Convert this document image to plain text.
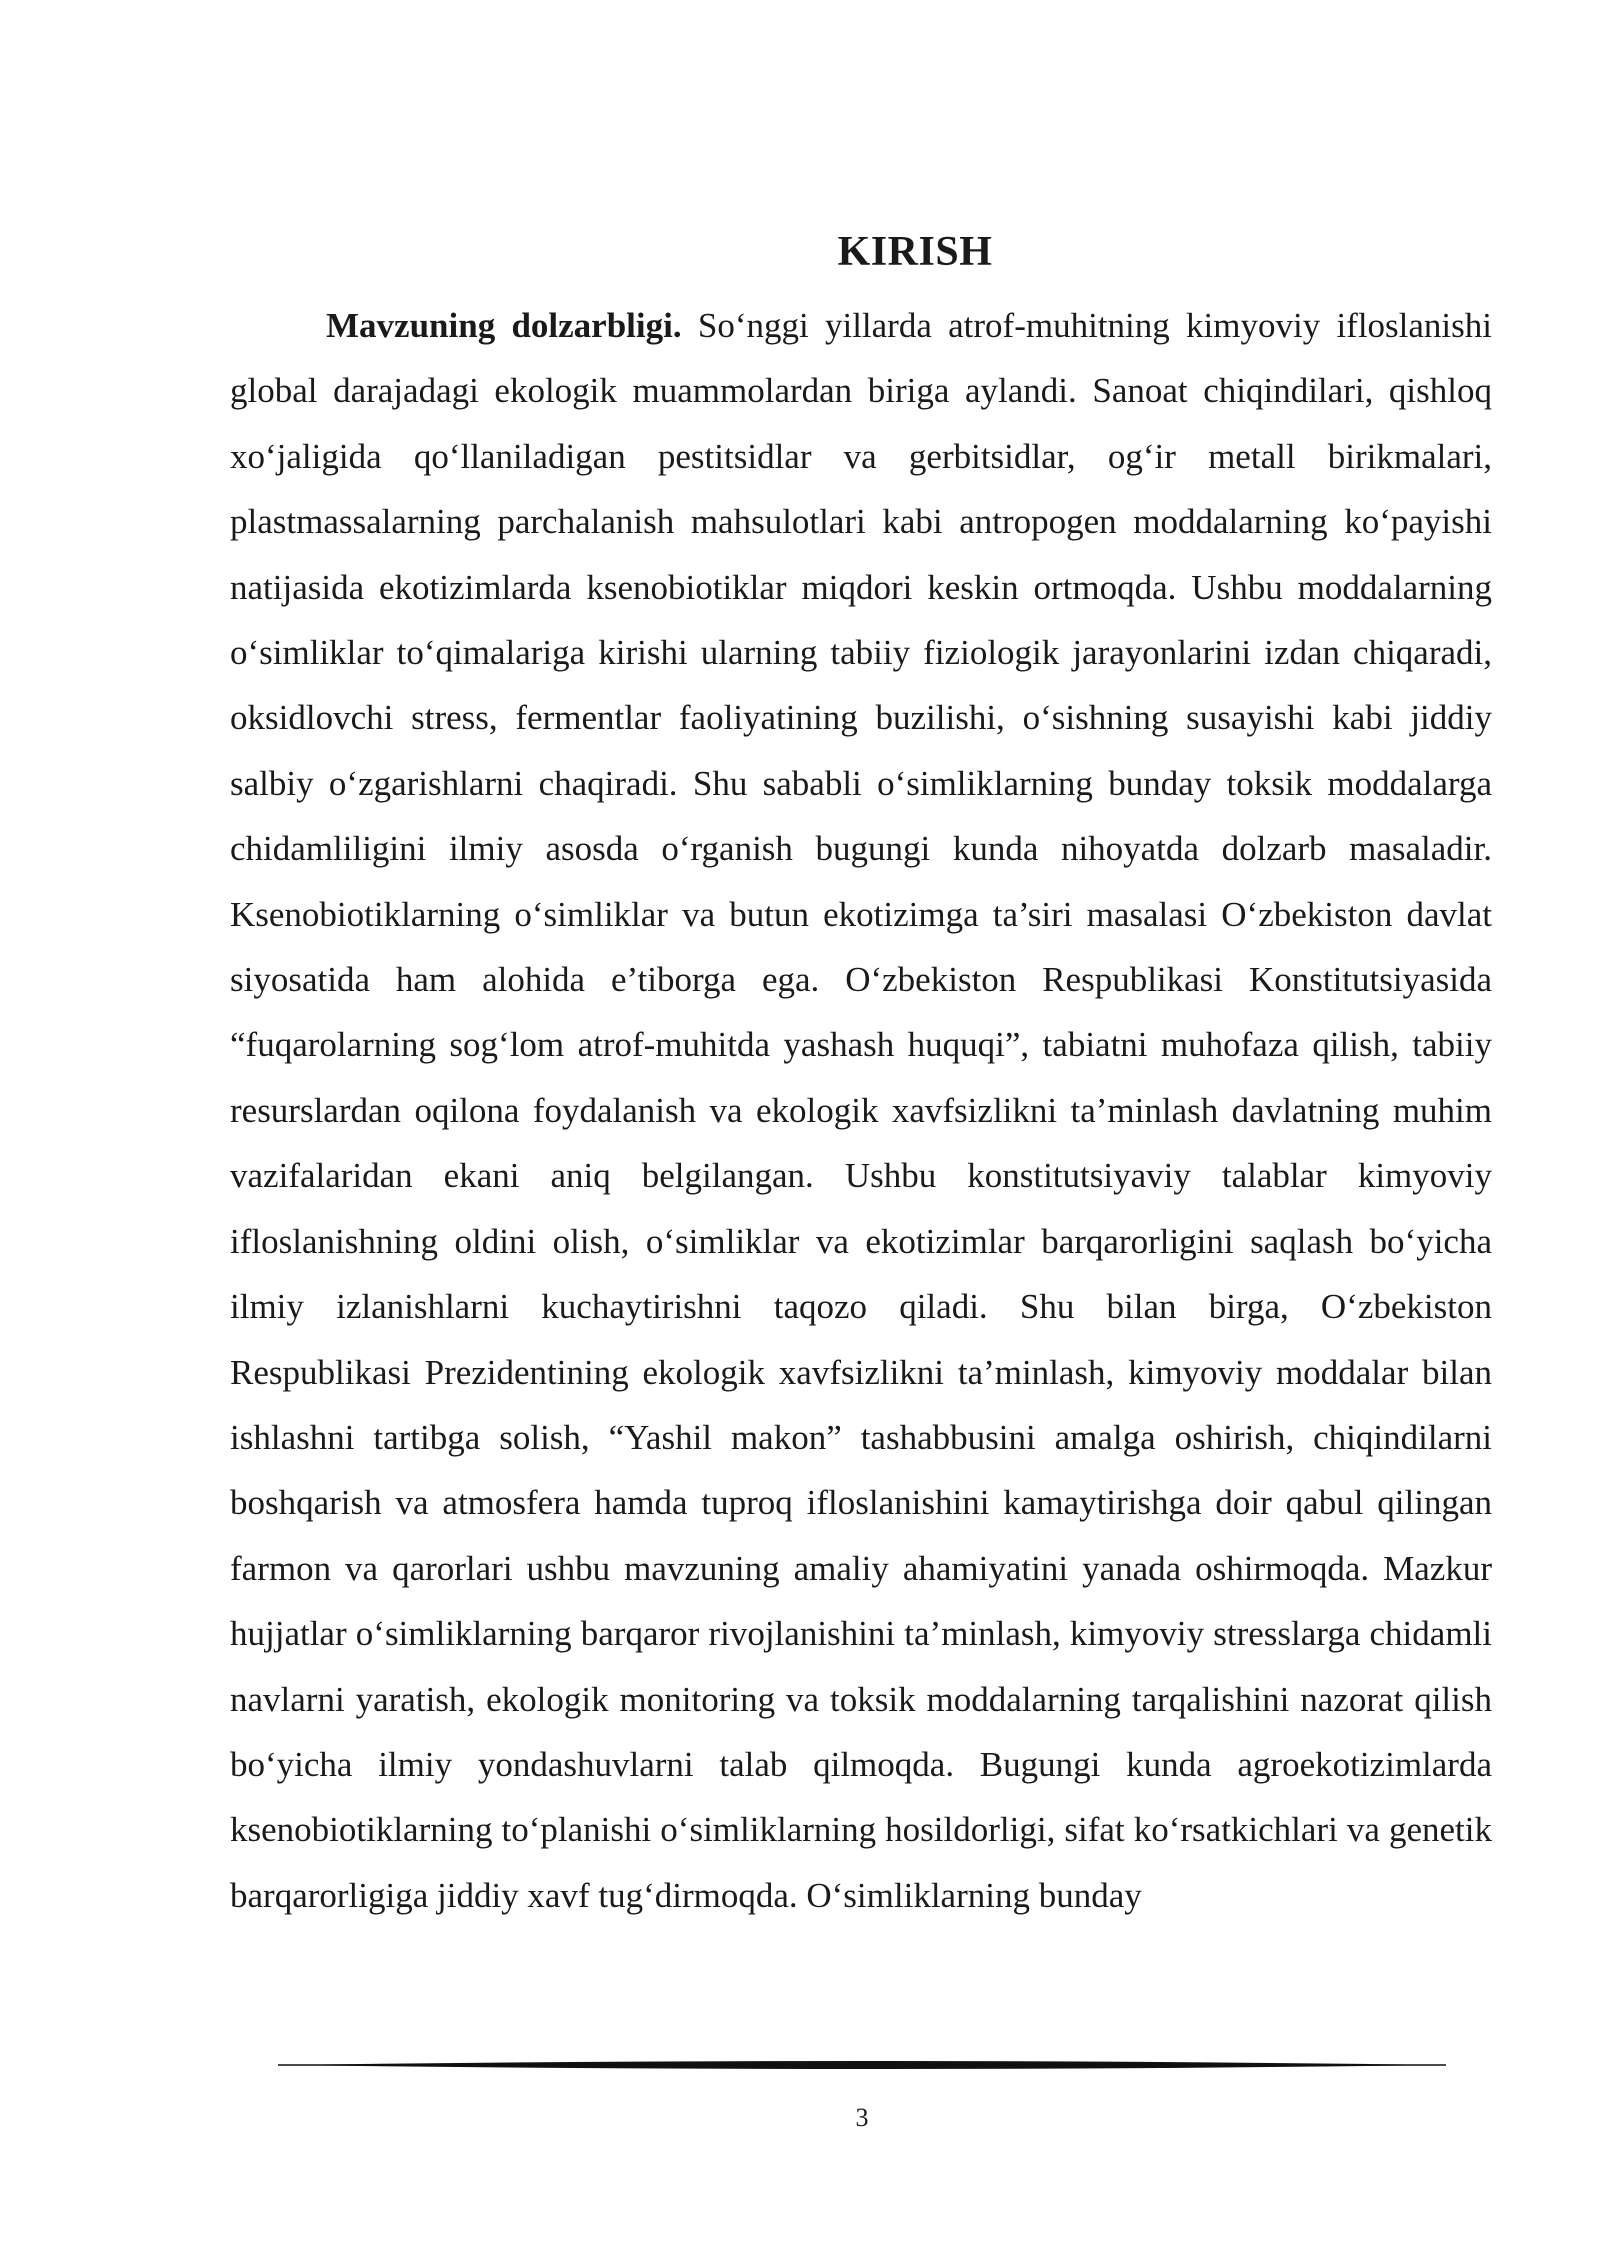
KIRISH

Mavzuning dolzarbligi. So‘nggi yillarda atrof-muhitning kimyoviy ifloslanishi global darajadagi ekologik muammolardan biriga aylandi. Sanoat chiqindilari, qishloq xo‘jaligida qo‘llaniladigan pestitsidlar va gerbitsidlar, og‘ir metall birikmalari, plastmassalarning parchalanish mahsulotlari kabi antropogen moddalarning ko‘payishi natijasida ekotizimlarda ksenobiotiklar miqdori keskin ortmoqda. Ushbu moddalarning o‘simliklar to‘qimalariga kirishi ularning tabiiy fiziologik jarayonlarini izdan chiqaradi, oksidlovchi stress, fermentlar faoliyatining buzilishi, o‘sishning susayishi kabi jiddiy salbiy o‘zgarishlarni chaqiradi. Shu sababli o‘simliklarning bunday toksik moddalarga chidamliligini ilmiy asosda o‘rganish bugungi kunda nihoyatda dolzarb masaladir. Ksenobiotiklarning o‘simliklar va butun ekotizimga ta’siri masalasi O‘zbekiston davlat siyosatida ham alohida e’tiborga ega. O‘zbekiston Respublikasi Konstitutsiyasida “fuqarolarning sog‘lom atrof-muhitda yashash huquqi”, tabiatni muhofaza qilish, tabiiy resurslardan oqilona foydalanish va ekologik xavfsizlikni ta’minlash davlatning muhim vazifalaridan ekani aniq belgilangan. Ushbu konstitutsiyaviy talablar kimyoviy ifloslanishning oldini olish, o‘simliklar va ekotizimlar barqarorligini saqlash bo‘yicha ilmiy izlanishlarni kuchaytirishni taqozo qiladi. Shu bilan birga, O‘zbekiston Respublikasi Prezidentining ekologik xavfsizlikni ta’minlash, kimyoviy moddalar bilan ishlashni tartibga solish, “Yashil makon” tashabbusini amalga oshirish, chiqindilarni boshqarish va atmosfera hamda tuproq ifloslanishini kamaytirishga doir qabul qilingan farmon va qarorlari ushbu mavzuning amaliy ahamiyatini yanada oshirmoqda. Mazkur hujjatlar o‘simliklarning barqaror rivojlanishini ta’minlash, kimyoviy stresslarga chidamli navlarni yaratish, ekologik monitoring va toksik moddalarning tarqalishini nazorat qilish bo‘yicha ilmiy yondashuvlarni talab qilmoqda. Bugungi kunda agroekotizimlarda ksenobiotiklarning to‘planishi o‘simliklarning hosildorligi, sifat ko‘rsatkichlari va genetik barqarorligiga jiddiy xavf tug‘dirmoqda. O‘simliklarning bunday

3
